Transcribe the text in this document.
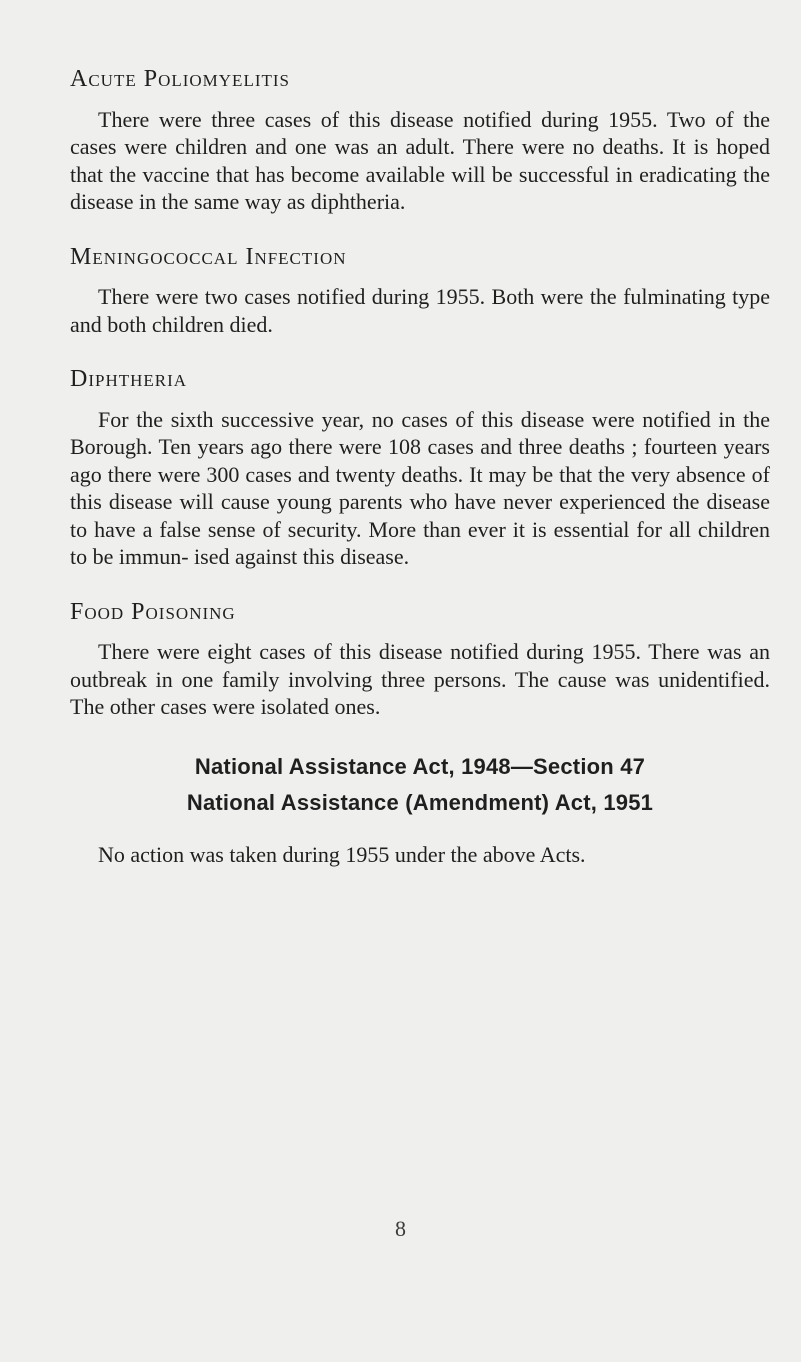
Acute Poliomyelitis

There were three cases of this disease notified during 1955. Two of the cases were children and one was an adult. There were no deaths. It is hoped that the vaccine that has become available will be successful in eradicating the disease in the same way as diphtheria.

Meningococcal Infection

There were two cases notified during 1955. Both were the fulminating type and both children died.

Diphtheria

For the sixth successive year, no cases of this disease were notified in the Borough. Ten years ago there were 108 cases and three deaths ; fourteen years ago there were 300 cases and twenty deaths. It may be that the very absence of this disease will cause young parents who have never experienced the disease to have a false sense of security. More than ever it is essential for all children to be immun- ised against this disease.

Food Poisoning

There were eight cases of this disease notified during 1955. There was an outbreak in one family involving three persons. The cause was unidentified. The other cases were isolated ones.

National Assistance Act, 1948—Section 47

National Assistance (Amendment) Act, 1951

No action was taken during 1955 under the above Acts.

8
